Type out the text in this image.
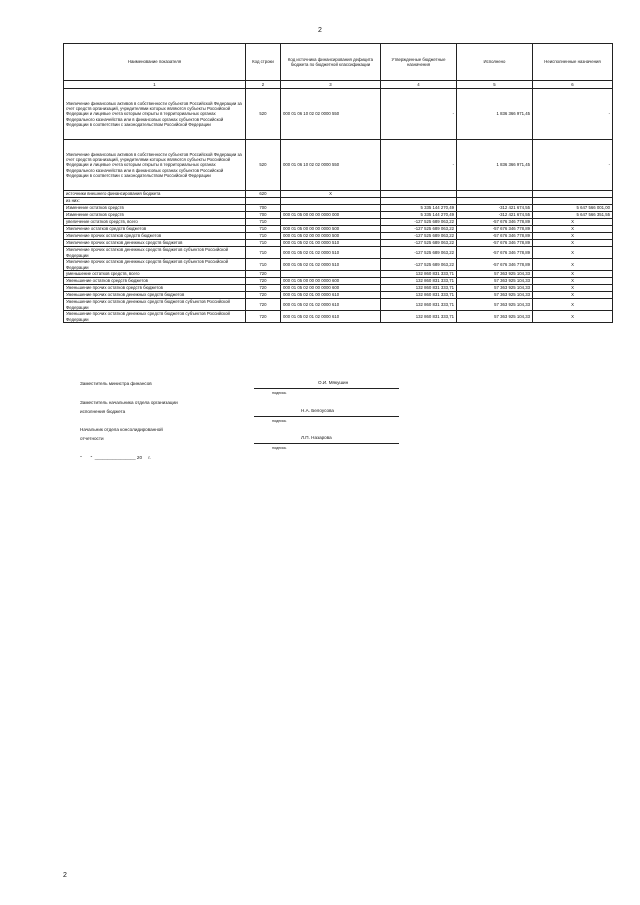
2
Наименование показателя	Код строки	Код источника финансирования дефицита бюджета по бюджетной классификации	Утвержденные бюджетные назначения	Исполнено	Неисполненные назначения
1	2	3	4	5	6
Увеличение финансовых активов в собственности субъектов Российской Федерации за счет средств организаций, учредителями которых являются субъекты Российской Федерации и лицевые счета которым открыты в территориальных органах Федерального казначейства или в финансовых органах субъектов Российской Федерации в соответствии с законодательством Российской Федерации	520	000 01 06 10 02 02 0000 550	-	1 836 366 971,45	-
Увеличение финансовых активов в собственности субъектов Российской Федерации за счет средств организаций, учредителями которых являются субъекты Российской Федерации и лицевые счета которым открыты в территориальных органах Федерального казначейства или в финансовых органах субъектов Российской Федерации в соответствии с законодательством Российской Федерации	520	000 01 06 10 02 02 0000 550	-	1 836 366 971,45	-
источники внешнего финансирования бюджета	620	X			
из них:					
Изменение остатков средств	700		5 335 144 270,49	-312 421 674,55	5 647 566 001,00
Изменение остатков средств	700	000 01 05 00 00 00 0000 000	5 335 144 270,49	-312 421 674,55	5 647 566 351,55
увеличение остатков средств, всего	710		-127 525 689 063,22	-57 676 346 778,89	X
Увеличение остатков средств бюджетов	710	000 01 05 00 00 00 0000 500	-127 525 689 063,22	-57 676 346 778,89	X
Увеличение прочих остатков средств бюджетов	710	000 01 05 02 00 00 0000 500	-127 525 689 063,22	-57 676 346 778,89	X
Увеличение прочих остатков денежных средств бюджетов	710	000 01 05 02 01 00 0000 510	-127 525 689 063,22	-57 676 346 778,89	X
Увеличение прочих остатков денежных средств бюджетов субъектов Российской Федерации	710	000 01 05 02 01 02 0000 510	-127 525 689 063,22	-57 676 346 778,89	X
Увеличение прочих остатков денежных средств бюджетов субъектов Российской Федерации	710	000 01 05 02 01 02 0000 510	-127 525 689 063,22	-57 676 346 778,89	X
уменьшение остатков средств, всего	720		132 860 831 333,71	57 363 925 104,33	X
Уменьшение остатков средств бюджетов	720	000 01 05 00 00 00 0000 600	132 860 831 333,71	57 363 925 104,33	X
Уменьшение прочих остатков средств бюджетов	720	000 01 05 02 00 00 0000 600	132 860 831 333,71	57 363 925 104,33	X
Уменьшение прочих остатков денежных средств бюджетов	720	000 01 05 02 01 00 0000 610	132 860 831 333,71	57 363 925 104,33	X
Уменьшение прочих остатков денежных средств бюджетов субъектов Российской Федерации	720	000 01 05 02 01 02 0000 610	132 860 831 333,71	57 363 925 104,33	X
Уменьшение прочих остатков денежных средств бюджетов субъектов Российской Федерации	720	000 01 05 02 01 02 0000 610	132 860 831 333,71	57 363 925 104,33	X
Заместитель министра финансов	О.И. Мякушин
подпись
Заместитель начальника отдела организации
исполнения бюджета	Н.А. Белоусова
подпись
Начальник отдела консолидированной
отчетности	Л.П. Назарова
подпись
"       "  ________________ 20     г.
2
